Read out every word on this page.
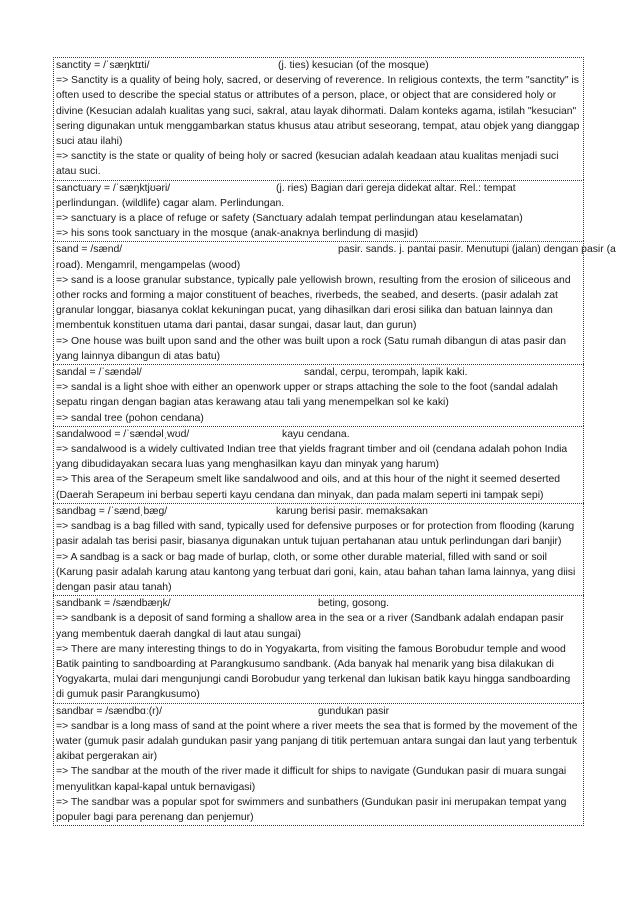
sanctity = /ˈsæŋktɪti/	(j. ties) kesucian (of the mosque)

=> Sanctity is a quality of being holy, sacred, or deserving of reverence. In religious contexts, the term "sanctity" is often used to describe the special status or attributes of a person, place, or object that are considered holy or divine (Kesucian adalah kualitas yang suci, sakral, atau layak dihormati. Dalam konteks agama, istilah "kesucian" sering digunakan untuk menggambarkan status khusus atau atribut seseorang, tempat, atau objek yang dianggap suci atau ilahi)

=> sanctity is the state or quality of being holy or sacred (kesucian adalah keadaan atau kualitas menjadi suci atau suci.

sanctuary = /ˈsæŋktjʊəri/	(j. ries) Bagian dari gereja didekat altar. Rel.: tempat

perlindungan. (wildlife) cagar alam. Perlindungan.

=> sanctuary is a place of refuge or safety (Sanctuary adalah tempat perlindungan atau keselamatan)

=> his sons took sanctuary in the mosque (anak-anaknya berlindung di masjid)

sand = /sænd/	pasir. sands. j. pantai pasir. Menutupi (jalan) dengan pasir (a

road). Mengamril, mengampelas (wood)

=> sand is a loose granular substance, typically pale yellowish brown, resulting from the erosion of siliceous and other rocks and forming a major constituent of beaches, riverbeds, the seabed, and deserts. (pasir adalah zat granular longgar, biasanya coklat kekuningan pucat, yang dihasilkan dari erosi silika dan batuan lainnya dan membentuk konstituen utama dari pantai, dasar sungai, dasar laut, dan gurun)

=> One house was built upon sand and the other was built upon a rock (Satu rumah dibangun di atas pasir dan yang lainnya dibangun di atas batu)

sandal = /ˈsændəl/	sandal, cerpu, terompah, lapik kaki.

=> sandal is a light shoe with either an openwork upper or straps attaching the sole to the foot (sandal adalah sepatu ringan dengan bagian atas kerawang atau tali yang menempelkan sol ke kaki)

=> sandal tree (pohon cendana)

sandalwood = /ˈsændəlˌwʊd/	kayu cendana.

=> sandalwood is a widely cultivated Indian tree that yields fragrant timber and oil (cendana adalah pohon India yang dibudidayakan secara luas yang menghasilkan kayu dan minyak yang harum)

=> This area of the Serapeum smelt like sandalwood and oils, and at this hour of the night it seemed deserted (Daerah Serapeum ini berbau seperti kayu cendana dan minyak, dan pada malam seperti ini tampak sepi)

sandbag = /ˈsændˌbæɡ/	karung berisi pasir. memaksakan

=> sandbag is a bag filled with sand, typically used for defensive purposes or for protection from flooding (karung pasir adalah tas berisi pasir, biasanya digunakan untuk tujuan pertahanan atau untuk perlindungan dari banjir)

=> A sandbag is a sack or bag made of burlap, cloth, or some other durable material, filled with sand or soil (Karung pasir adalah karung atau kantong yang terbuat dari goni, kain, atau bahan tahan lama lainnya, yang diisi dengan pasir atau tanah)

sandbank = /sændbæŋk/	beting, gosong.

=> sandbank is a deposit of sand forming a shallow area in the sea or a river (Sandbank adalah endapan pasir yang membentuk daerah dangkal di laut atau sungai)

=> There are many interesting things to do in Yogyakarta, from visiting the famous Borobudur temple and wood Batik painting to sandboarding at Parangkusumo sandbank. (Ada banyak hal menarik yang bisa dilakukan di Yogyakarta, mulai dari mengunjungi candi Borobudur yang terkenal dan lukisan batik kayu hingga sandboarding di gumuk pasir Parangkusumo)

sandbar = /sændbɑː(r)/	gundukan pasir

=> sandbar is a long mass of sand at the point where a river meets the sea that is formed by the movement of the water (gumuk pasir adalah gundukan pasir yang panjang di titik pertemuan antara sungai dan laut yang terbentuk akibat pergerakan air)

=> The sandbar at the mouth of the river made it difficult for ships to navigate (Gundukan pasir di muara sungai menyulitkan kapal-kapal untuk bernavigasi)

=> The sandbar was a popular spot for swimmers and sunbathers (Gundukan pasir ini merupakan tempat yang populer bagi para perenang dan penjemur)
